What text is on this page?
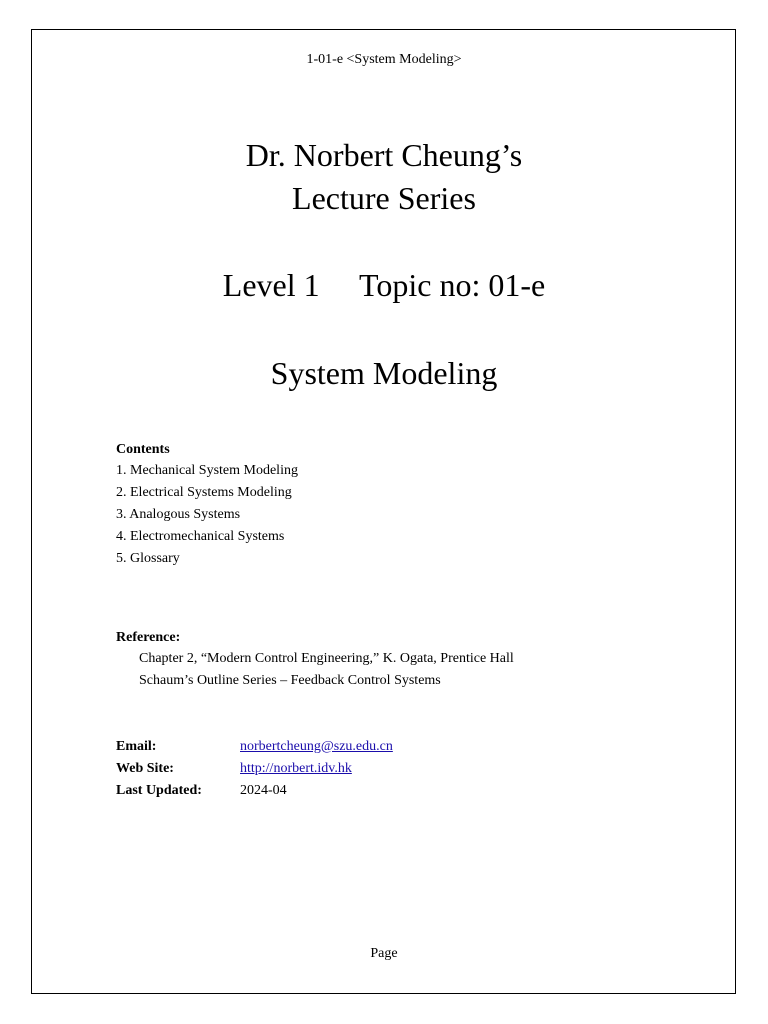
1-01-e <System Modeling>
Dr. Norbert Cheung’s
Lecture Series
Level 1     Topic no: 01-e
System Modeling
Contents
1. Mechanical System Modeling
2. Electrical Systems Modeling
3. Analogous Systems
4. Electromechanical Systems
5. Glossary
Reference:
Chapter 2, “Modern Control Engineering,” K. Ogata, Prentice Hall
Schaum’s Outline Series – Feedback Control Systems
Email:	norbertcheung@szu.edu.cn
Web Site:	http://norbert.idv.hk
Last Updated:	2024-04
Page
